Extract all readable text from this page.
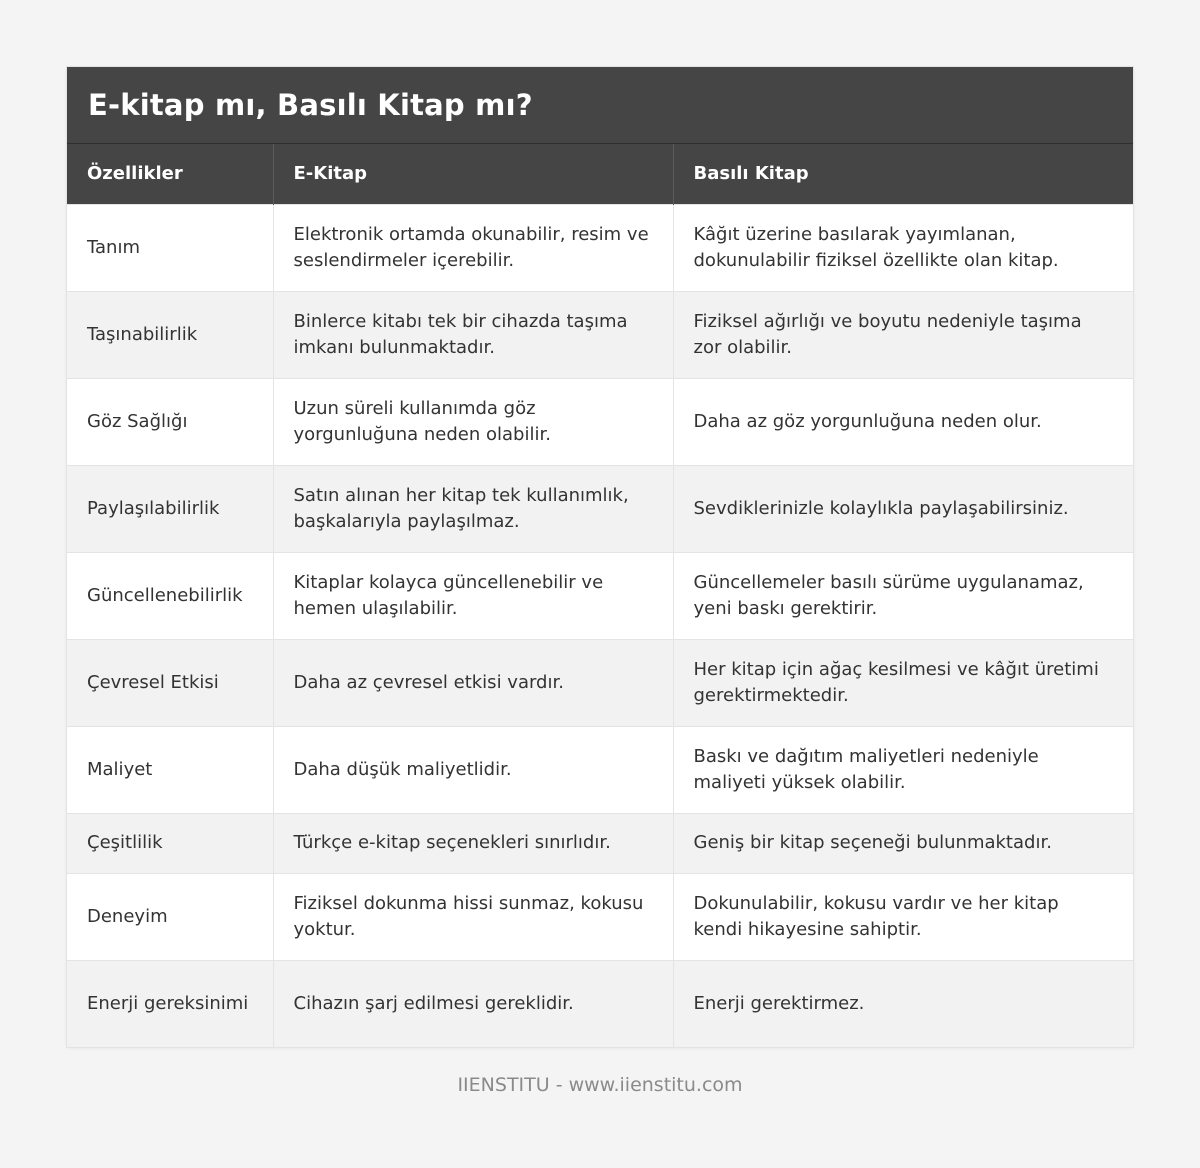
E-kitap mı, Basılı Kitap mı?
Özellikler	E-Kitap	Basılı Kitap
Tanım	Elektronik ortamda okunabilir, resim ve seslendirmeler içerebilir.	Kâğıt üzerine basılarak yayımlanan, dokunulabilir fiziksel özellikte olan kitap.
Taşınabilirlik	Binlerce kitabı tek bir cihazda taşıma imkanı bulunmaktadır.	Fiziksel ağırlığı ve boyutu nedeniyle taşıma zor olabilir.
Göz Sağlığı	Uzun süreli kullanımda göz yorgunluğuna neden olabilir.	Daha az göz yorgunluğuna neden olur.
Paylaşılabilirlik	Satın alınan her kitap tek kullanımlık, başkalarıyla paylaşılmaz.	Sevdiklerinizle kolaylıkla paylaşabilirsiniz.
Güncellenebilirlik	Kitaplar kolayca güncellenebilir ve hemen ulaşılabilir.	Güncellemeler basılı sürüme uygulanamaz, yeni baskı gerektirir.
Çevresel Etkisi	Daha az çevresel etkisi vardır.	Her kitap için ağaç kesilmesi ve kâğıt üretimi gerektirmektedir.
Maliyet	Daha düşük maliyetlidir.	Baskı ve dağıtım maliyetleri nedeniyle maliyeti yüksek olabilir.
Çeşitlilik	Türkçe e-kitap seçenekleri sınırlıdır.	Geniş bir kitap seçeneği bulunmaktadır.
Deneyim	Fiziksel dokunma hissi sunmaz, kokusu yoktur.	Dokunulabilir, kokusu vardır ve her kitap kendi hikayesine sahiptir.
Enerji gereksinimi	Cihazın şarj edilmesi gereklidir.	Enerji gerektirmez.
IIENSTITU - www.iienstitu.com
